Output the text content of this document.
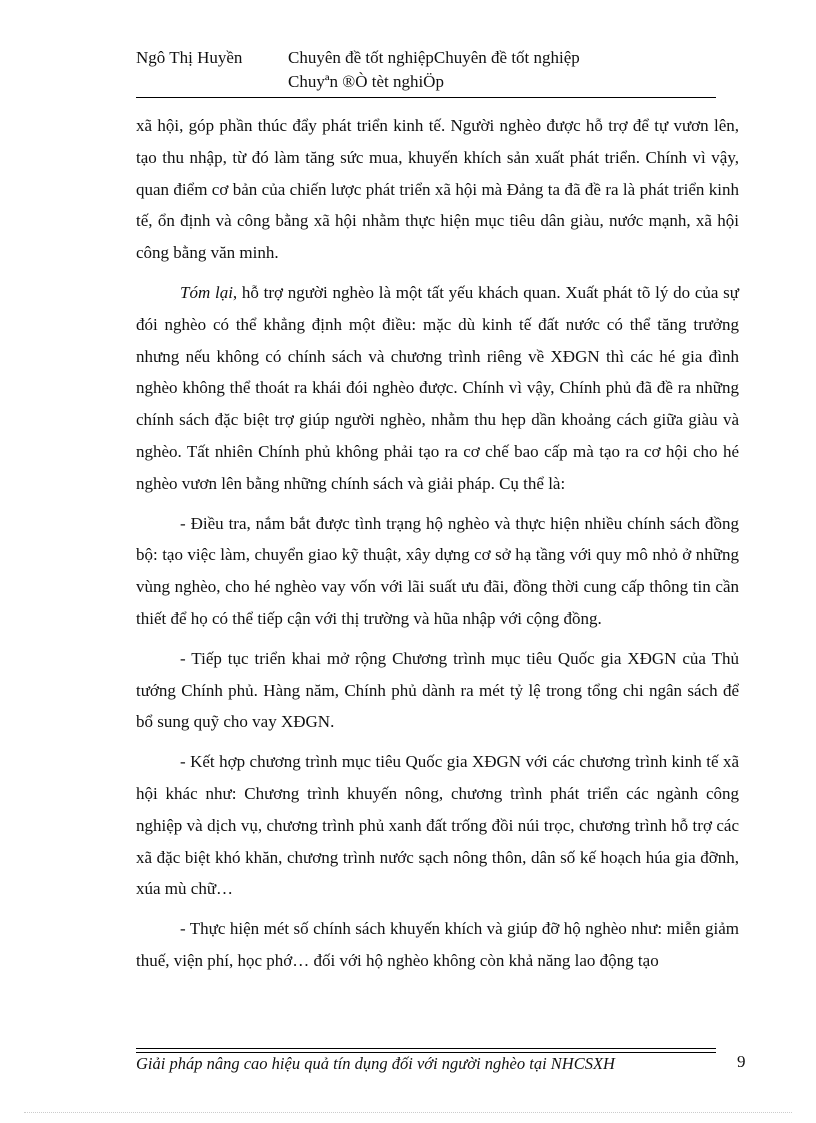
Ngô Thị Huyền	Chuyên đề tốt nghiệpChuyên đề tốt nghiệp
Chuyªn ®Ò tèt nghiÖp

xã hội, góp phần thúc đẩy phát triển kinh tế. Người nghèo được hỗ trợ để tự vươn lên, tạo thu nhập, từ đó làm tăng sức mua, khuyến khích sản xuất phát triển. Chính vì vậy, quan điểm cơ bản của chiến lược phát triển xã hội mà Đảng ta đã đề ra là phát triển kinh tế, ổn định và công bằng xã hội nhằm thực hiện mục tiêu dân giàu, nước mạnh, xã hội công bằng văn minh.

Tóm lại, hỗ trợ người nghèo là một tất yếu khách quan. Xuất phát tõ lý do của sự đói nghèo có thể khẳng định một điều: mặc dù kinh tế đất nước có thể tăng trưởng nhưng nếu không có chính sách và chương trình riêng về XĐGN thì các hé gia đình nghèo không thể thoát ra khái đói nghèo được. Chính vì vậy, Chính phủ đã đề ra những chính sách đặc biệt trợ giúp người nghèo, nhằm thu hẹp dần khoảng cách giữa giàu và nghèo. Tất nhiên Chính phủ không phải tạo ra cơ chế bao cấp mà tạo ra cơ hội cho hé nghèo vươn lên bằng những chính sách và giải pháp. Cụ thể là:

- Điều tra, nắm bắt được tình trạng hộ nghèo và thực hiện nhiều chính sách đồng bộ: tạo việc làm, chuyển giao kỹ thuật, xây dựng cơ sở hạ tầng với quy mô nhỏ ở những vùng nghèo, cho hé nghèo vay vốn với lãi suất ưu đãi, đồng thời cung cấp thông tin cần thiết để họ có thể tiếp cận với thị trường và hũa nhập với cộng đồng.

- Tiếp tục triển khai mở rộng Chương trình mục tiêu Quốc gia XĐGN của Thủ tướng Chính phủ. Hàng năm, Chính phủ dành ra mét tỷ lệ trong tổng chi ngân sách để bổ sung quỹ cho vay XĐGN.

- Kết hợp chương trình mục tiêu Quốc gia XĐGN với các chương trình kinh tế xã hội khác như: Chương trình khuyến nông, chương trình phát triển các ngành công nghiệp và dịch vụ, chương trình phủ xanh đất trống đồi núi trọc, chương trình hỗ trợ các xã đặc biệt khó khăn, chương trình nước sạch nông thôn, dân số kế hoạch húa gia đỡnh, xúa mù chữ…

- Thực hiện mét số chính sách khuyến khích và giúp đỡ hộ nghèo như: miễn giảm thuế, viện phí, học phớ… đối với hộ nghèo không còn khả năng lao động tạo

Giải pháp nâng cao hiệu quả tín dụng đối với người nghèo tại NHCSXH	9
